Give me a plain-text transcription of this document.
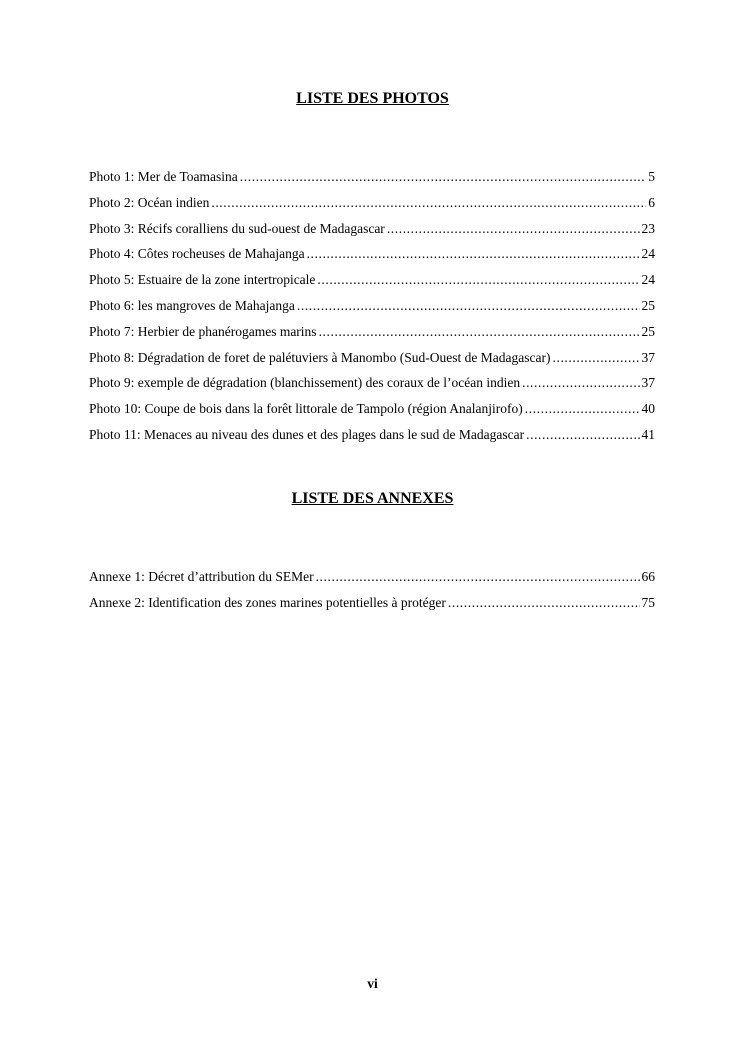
LISTE DES PHOTOS
Photo 1: Mer de Toamasina .....	5
Photo 2: Océan indien .....	6
Photo 3: Récifs coralliens du sud-ouest de Madagascar .....	23
Photo 4: Côtes rocheuses de Mahajanga .....	24
Photo 5: Estuaire de la zone intertropicale .....	24
Photo 6: les mangroves de Mahajanga .....	25
Photo 7: Herbier de phanérogames marins .....	25
Photo 8: Dégradation de foret de palétuviers à Manombo (Sud-Ouest de Madagascar) .....	37
Photo 9: exemple de dégradation (blanchissement) des coraux de l’océan indien .....	37
Photo 10: Coupe de bois dans la forêt littorale de Tampolo (région Analanjirofo) .....	40
Photo 11: Menaces au niveau des dunes et des plages dans le sud de Madagascar .....	41
LISTE DES ANNEXES
Annexe 1: Décret d’attribution du SEMer .....	66
Annexe 2: Identification des zones marines potentielles à protéger .....	75
vi
